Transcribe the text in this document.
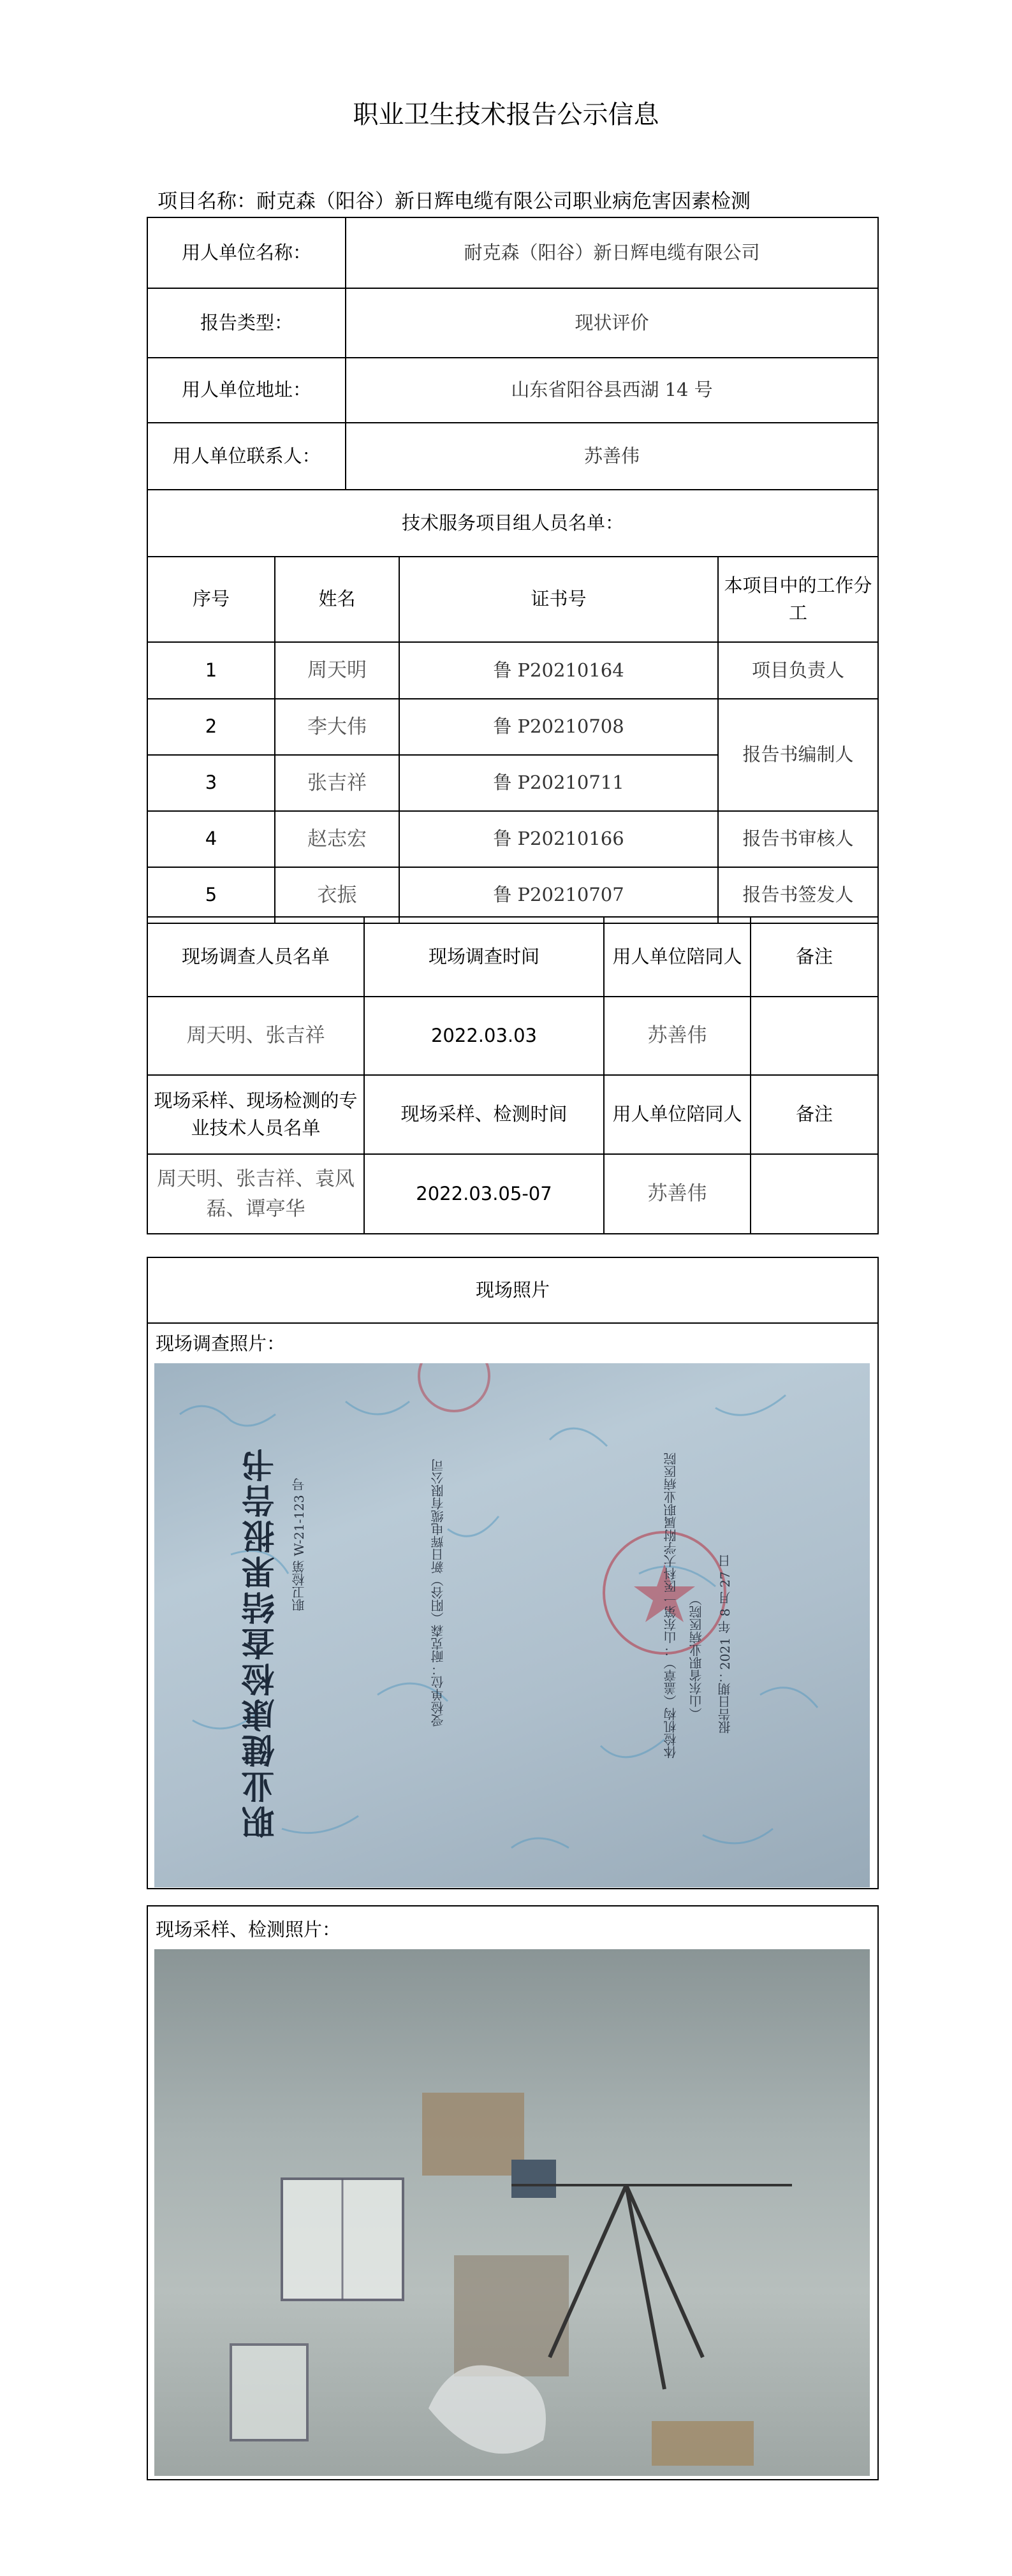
职业卫生技术报告公示信息
项目名称：耐克森（阳谷）新日辉电缆有限公司职业病危害因素检测
用人单位名称：	耐克森（阳谷）新日辉电缆有限公司
报告类型：	现状评价
用人单位地址：	山东省阳谷县西湖 14 号
用人单位联系人：	苏善伟
技术服务项目组人员名单：			
序号	姓名	证书号	本项目中的工作分工
1	周天明	鲁 P20210164	项目负责人
2	李大伟	鲁 P20210708	报告书编制人
3	张吉祥	鲁 P20210711	
4	赵志宏	鲁 P20210166	报告书审核人
5	衣振	鲁 P20210707	报告书签发人
现场调查人员名单	现场调查时间	用人单位陪同人	备注
周天明、张吉祥	2022.03.03	苏善伟	
现场采样、现场检测的专业技术人员名单	现场采样、检测时间	用人单位陪同人	备注
周天明、张吉祥、袁风磊、谭亭华	2022.03.05-07	苏善伟	
现场照片
现场调查照片：
职业健康检查结果报告书 职卫检第 W-21-123 号	受检单位：耐克森（阳谷）新日辉电缆有限公司	体检机构（盖章）：山东第一医科大学附属职业病医院 （山东省职业病医院） 报告日期：2021 年 8 月 27 日
现场采样、检测照片：
